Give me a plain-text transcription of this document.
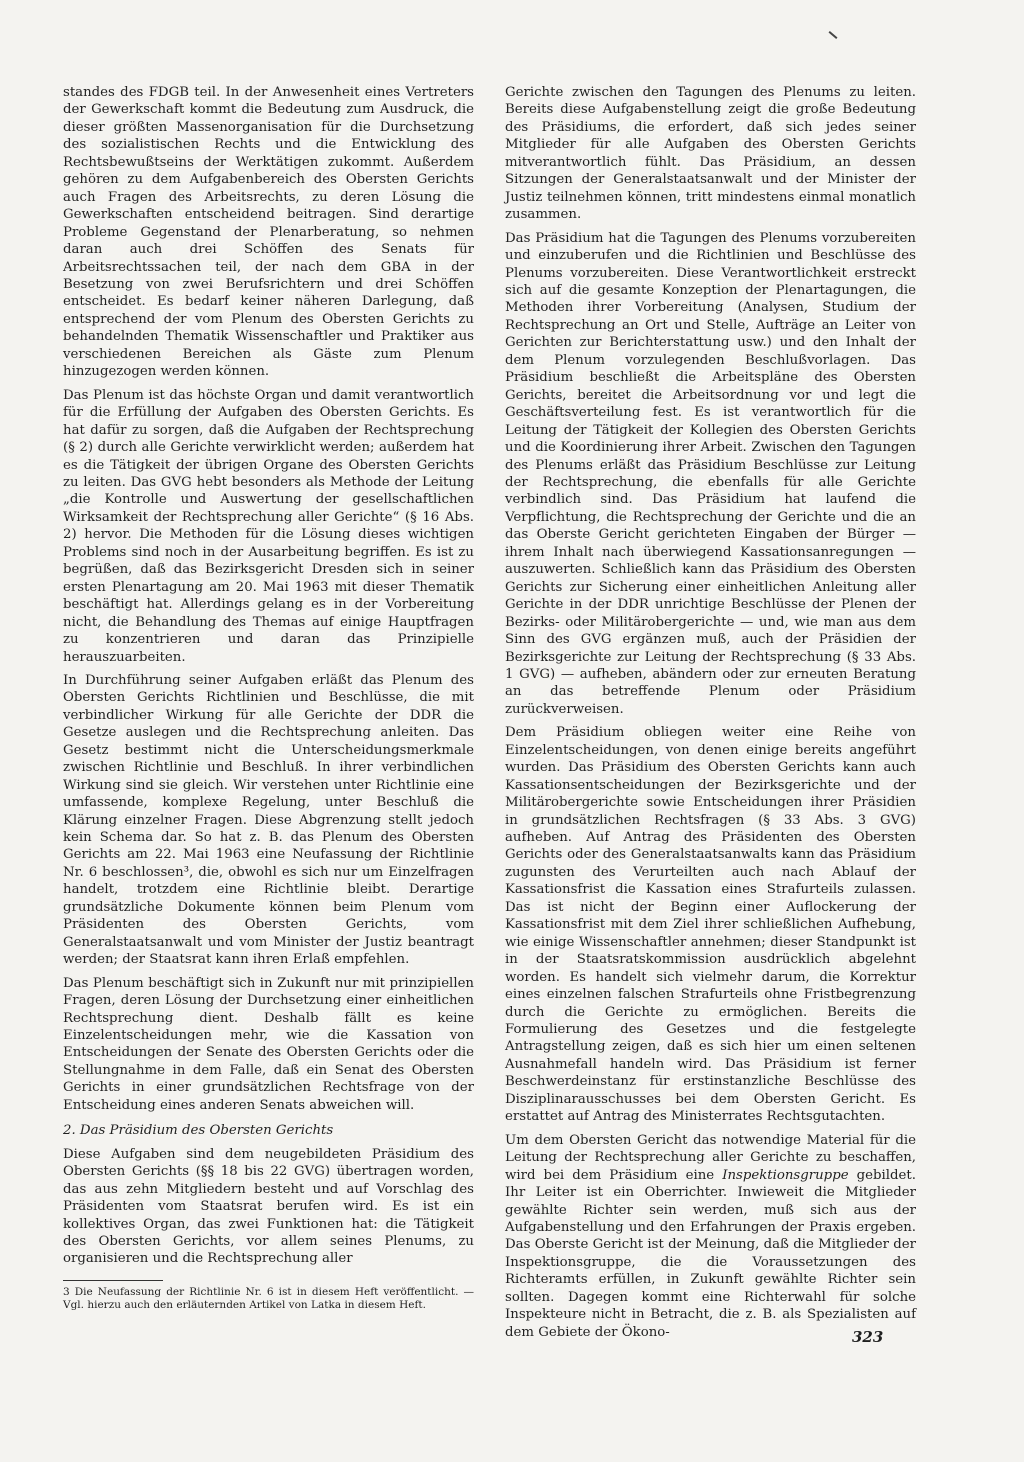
standes des FDGB teil. In der Anwesenheit eines Vertreters der Gewerkschaft kommt die Bedeutung zum Ausdruck, die dieser größten Massenorganisation für die Durchsetzung des sozialistischen Rechts und die Entwicklung des Rechtsbewußtseins der Werktätigen zukommt. Außerdem gehören zu dem Aufgabenbereich des Obersten Gerichts auch Fragen des Arbeitsrechts, zu deren Lösung die Gewerkschaften entscheidend beitragen. Sind derartige Probleme Gegenstand der Plenarberatung, so nehmen daran auch drei Schöffen des Senats für Arbeitsrechtssachen teil, der nach dem GBA in der Besetzung von zwei Berufsrichtern und drei Schöffen entscheidet. Es bedarf keiner näheren Darlegung, daß entsprechend der vom Plenum des Obersten Gerichts zu behandelnden Thematik Wissenschaftler und Praktiker aus verschiedenen Bereichen als Gäste zum Plenum hinzugezogen werden können.

Das Plenum ist das höchste Organ und damit verantwortlich für die Erfüllung der Aufgaben des Obersten Gerichts. Es hat dafür zu sorgen, daß die Aufgaben der Rechtsprechung (§ 2) durch alle Gerichte verwirklicht werden; außerdem hat es die Tätigkeit der übrigen Organe des Obersten Gerichts zu leiten. Das GVG hebt besonders als Methode der Leitung „die Kontrolle und Auswertung der gesellschaftlichen Wirksamkeit der Rechtsprechung aller Gerichte“ (§ 16 Abs. 2) hervor. Die Methoden für die Lösung dieses wichtigen Problems sind noch in der Ausarbeitung begriffen. Es ist zu begrüßen, daß das Bezirksgericht Dresden sich in seiner ersten Plenartagung am 20. Mai 1963 mit dieser Thematik beschäftigt hat. Allerdings gelang es in der Vorbereitung nicht, die Behandlung des Themas auf einige Hauptfragen zu konzentrieren und daran das Prinzipielle herauszuarbeiten.

In Durchführung seiner Aufgaben erläßt das Plenum des Obersten Gerichts Richtlinien und Beschlüsse, die mit verbindlicher Wirkung für alle Gerichte der DDR die Gesetze auslegen und die Rechtsprechung anleiten. Das Gesetz bestimmt nicht die Unterscheidungsmerkmale zwischen Richtlinie und Beschluß. In ihrer verbindlichen Wirkung sind sie gleich. Wir verstehen unter Richtlinie eine umfassende, komplexe Regelung, unter Beschluß die Klärung einzelner Fragen. Diese Abgrenzung stellt jedoch kein Schema dar. So hat z. B. das Plenum des Obersten Gerichts am 22. Mai 1963 eine Neufassung der Richtlinie Nr. 6 beschlossen³, die, obwohl es sich nur um Einzelfragen handelt, trotzdem eine Richtlinie bleibt. Derartige grundsätzliche Dokumente können beim Plenum vom Präsidenten des Obersten Gerichts, vom Generalstaatsanwalt und vom Minister der Justiz beantragt werden; der Staatsrat kann ihren Erlaß empfehlen.

Das Plenum beschäftigt sich in Zukunft nur mit prinzipiellen Fragen, deren Lösung der Durchsetzung einer einheitlichen Rechtsprechung dient. Deshalb fällt es keine Einzelentscheidungen mehr, wie die Kassation von Entscheidungen der Senate des Obersten Gerichts oder die Stellungnahme in dem Falle, daß ein Senat des Obersten Gerichts in einer grundsätzlichen Rechtsfrage von der Entscheidung eines anderen Senats abweichen will.

2. Das Präsidium des Obersten Gerichts

Diese Aufgaben sind dem neugebildeten Präsidium des Obersten Gerichts (§§ 18 bis 22 GVG) übertragen worden, das aus zehn Mitgliedern besteht und auf Vorschlag des Präsidenten vom Staatsrat berufen wird. Es ist ein kollektives Organ, das zwei Funktionen hat: die Tätigkeit des Obersten Gerichts, vor allem seines Plenums, zu organisieren und die Rechtsprechung aller

3 Die Neufassung der Richtlinie Nr. 6 ist in diesem Heft veröffentlicht. — Vgl. hierzu auch den erläuternden Artikel von Latka in diesem Heft.

Gerichte zwischen den Tagungen des Plenums zu leiten. Bereits diese Aufgabenstellung zeigt die große Bedeutung des Präsidiums, die erfordert, daß sich jedes seiner Mitglieder für alle Aufgaben des Obersten Gerichts mitverantwortlich fühlt. Das Präsidium, an dessen Sitzungen der Generalstaatsanwalt und der Minister der Justiz teilnehmen können, tritt mindestens einmal monatlich zusammen.

Das Präsidium hat die Tagungen des Plenums vorzubereiten und einzuberufen und die Richtlinien und Beschlüsse des Plenums vorzubereiten. Diese Verantwortlichkeit erstreckt sich auf die gesamte Konzeption der Plenartagungen, die Methoden ihrer Vorbereitung (Analysen, Studium der Rechtsprechung an Ort und Stelle, Aufträge an Leiter von Gerichten zur Berichterstattung usw.) und den Inhalt der dem Plenum vorzulegenden Beschlußvorlagen. Das Präsidium beschließt die Arbeitspläne des Obersten Gerichts, bereitet die Arbeitsordnung vor und legt die Geschäftsverteilung fest. Es ist verantwortlich für die Leitung der Tätigkeit der Kollegien des Obersten Gerichts und die Koordinierung ihrer Arbeit. Zwischen den Tagungen des Plenums erläßt das Präsidium Beschlüsse zur Leitung der Rechtsprechung, die ebenfalls für alle Gerichte verbindlich sind. Das Präsidium hat laufend die Verpflichtung, die Rechtsprechung der Gerichte und die an das Oberste Gericht gerichteten Eingaben der Bürger — ihrem Inhalt nach überwiegend Kassationsanregungen — auszuwerten. Schließlich kann das Präsidium des Obersten Gerichts zur Sicherung einer einheitlichen Anleitung aller Gerichte in der DDR unrichtige Beschlüsse der Plenen der Bezirks- oder Militärobergerichte — und, wie man aus dem Sinn des GVG ergänzen muß, auch der Präsidien der Bezirksgerichte zur Leitung der Rechtsprechung (§ 33 Abs. 1 GVG) — aufheben, abändern oder zur erneuten Beratung an das betreffende Plenum oder Präsidium zurückverweisen.

Dem Präsidium obliegen weiter eine Reihe von Einzelentscheidungen, von denen einige bereits angeführt wurden. Das Präsidium des Obersten Gerichts kann auch Kassationsentscheidungen der Bezirksgerichte und der Militärobergerichte sowie Entscheidungen ihrer Präsidien in grundsätzlichen Rechtsfragen (§ 33 Abs. 3 GVG) aufheben. Auf Antrag des Präsidenten des Obersten Gerichts oder des Generalstaatsanwalts kann das Präsidium zugunsten des Verurteilten auch nach Ablauf der Kassationsfrist die Kassation eines Strafurteils zulassen. Das ist nicht der Beginn einer Auflockerung der Kassationsfrist mit dem Ziel ihrer schließlichen Aufhebung, wie einige Wissenschaftler annehmen; dieser Standpunkt ist in der Staatsratskommission ausdrücklich abgelehnt worden. Es handelt sich vielmehr darum, die Korrektur eines einzelnen falschen Strafurteils ohne Fristbegrenzung durch die Gerichte zu ermöglichen. Bereits die Formulierung des Gesetzes und die festgelegte Antragstellung zeigen, daß es sich hier um einen seltenen Ausnahmefall handeln wird. Das Präsidium ist ferner Beschwerdeinstanz für erstinstanzliche Beschlüsse des Disziplinarausschusses bei dem Obersten Gericht. Es erstattet auf Antrag des Ministerrates Rechtsgutachten.

Um dem Obersten Gericht das notwendige Material für die Leitung der Rechtsprechung aller Gerichte zu beschaffen, wird bei dem Präsidium eine Inspektionsgruppe gebildet. Ihr Leiter ist ein Oberrichter. Inwieweit die Mitglieder gewählte Richter sein werden, muß sich aus der Aufgabenstellung und den Erfahrungen der Praxis ergeben. Das Oberste Gericht ist der Meinung, daß die Mitglieder der Inspektionsgruppe, die die Voraussetzungen des Richteramts erfüllen, in Zukunft gewählte Richter sein sollten. Dagegen kommt eine Richterwahl für solche Inspekteure nicht in Betracht, die z. B. als Spezialisten auf dem Gebiete der Ökono-	323
